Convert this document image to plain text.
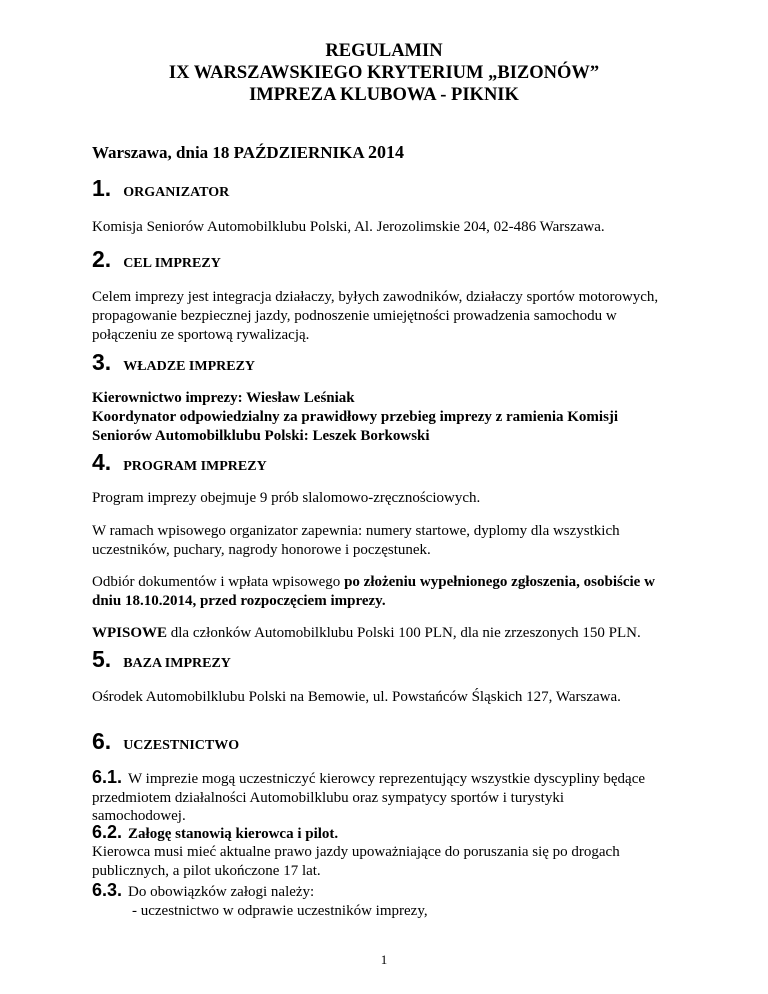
REGULAMIN
IX WARSZAWSKIEGO KRYTERIUM „BIZONÓW”
IMPREZA KLUBOWA - PIKNIK
Warszawa, dnia 18 PAŹDZIERNIKA 2014
1. ORGANIZATOR
Komisja Seniorów Automobilklubu Polski, Al. Jerozolimskie 204, 02-486 Warszawa.
2. CEL IMPREZY
Celem imprezy jest integracja działaczy, byłych zawodników, działaczy sportów motorowych,
propagowanie bezpiecznej jazdy, podnoszenie umiejętności prowadzenia samochodu w
połączeniu ze sportową rywalizacją.
3. WŁADZE IMPREZY
Kierownictwo imprezy: Wiesław Leśniak
Koordynator odpowiedzialny za prawidłowy przebieg imprezy z ramienia Komisji
Seniorów Automobilklubu Polski: Leszek Borkowski
4. PROGRAM IMPREZY
Program imprezy obejmuje 9 prób slalomowo-zręcznościowych.
W ramach wpisowego organizator zapewnia: numery startowe, dyplomy dla wszystkich
uczestników, puchary, nagrody honorowe i poczęstunek.
Odbiór dokumentów i wpłata wpisowego po złożeniu wypełnionego zgłoszenia, osobiście w
dniu 18.10.2014, przed rozpoczęciem imprezy.
WPISOWE dla członków Automobilklubu Polski 100 PLN, dla nie zrzeszonych 150 PLN.
5. BAZA IMPREZY
Ośrodek Automobilklubu Polski na Bemowie, ul. Powstańców Śląskich 127, Warszawa.
6. UCZESTNICTWO
6.1. W imprezie mogą uczestniczyć kierowcy reprezentujący wszystkie dyscypliny będące
przedmiotem działalności Automobilklubu oraz sympatycy sportów i turystyki
samochodowej.
6.2. Załogę stanowią kierowca i pilot.
Kierowca musi mieć aktualne prawo jazdy upoważniające do poruszania się po drogach
publicznych, a pilot ukończone 17 lat.
6.3. Do obowiązków załogi należy:
- uczestnictwo w odprawie uczestników imprezy,
1
